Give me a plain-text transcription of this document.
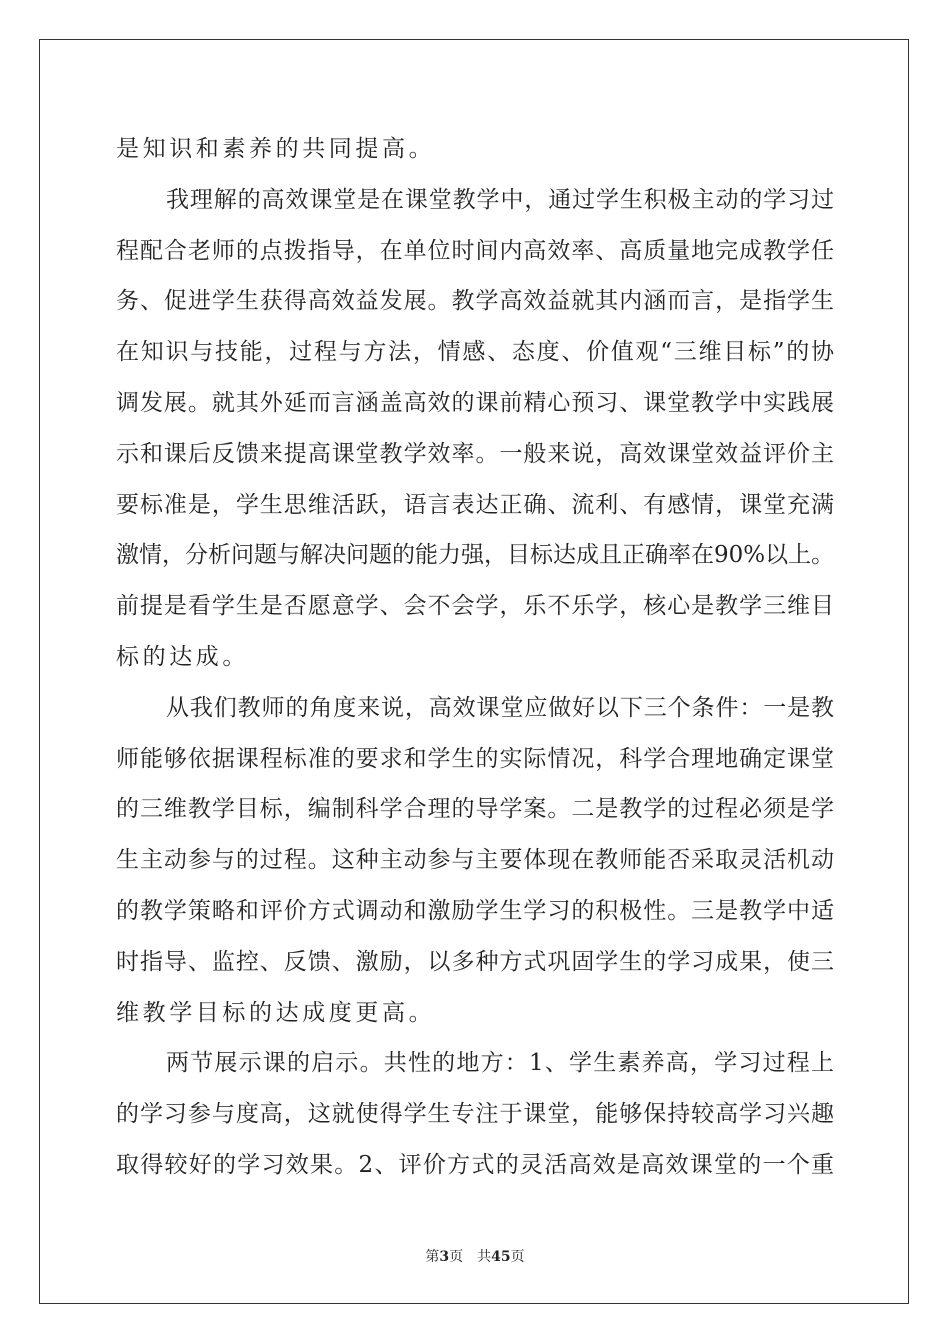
是知识和素养的共同提高。
我理解的高效课堂是在课堂教学中，通过学生积极主动的学习过
程配合老师的点拨指导，在单位时间内高效率、高质量地完成教学任
务、促进学生获得高效益发展。教学高效益就其内涵而言，是指学生
在知识与技能，过程与方法，情感、态度、价值观“三维目标”的协
调发展。就其外延而言涵盖高效的课前精心预习、课堂教学中实践展
示和课后反馈来提高课堂教学效率。一般来说，高效课堂效益评价主
要标准是，学生思维活跃，语言表达正确、流利、有感情，课堂充满
激情，分析问题与解决问题的能力强，目标达成且正确率在90%以上。
前提是看学生是否愿意学、会不会学，乐不乐学，核心是教学三维目
标的达成。
从我们教师的角度来说，高效课堂应做好以下三个条件：一是教
师能够依据课程标准的要求和学生的实际情况，科学合理地确定课堂
的三维教学目标，编制科学合理的导学案。二是教学的过程必须是学
生主动参与的过程。这种主动参与主要体现在教师能否采取灵活机动
的教学策略和评价方式调动和激励学生学习的积极性。三是教学中适
时指导、监控、反馈、激励，以多种方式巩固学生的学习成果，使三
维教学目标的达成度更高。
两节展示课的启示。共性的地方：1、学生素养高，学习过程上
的学习参与度高，这就使得学生专注于课堂，能够保持较高学习兴趣
取得较好的学习效果。2、评价方式的灵活高效是高效课堂的一个重
第3页 共45页
